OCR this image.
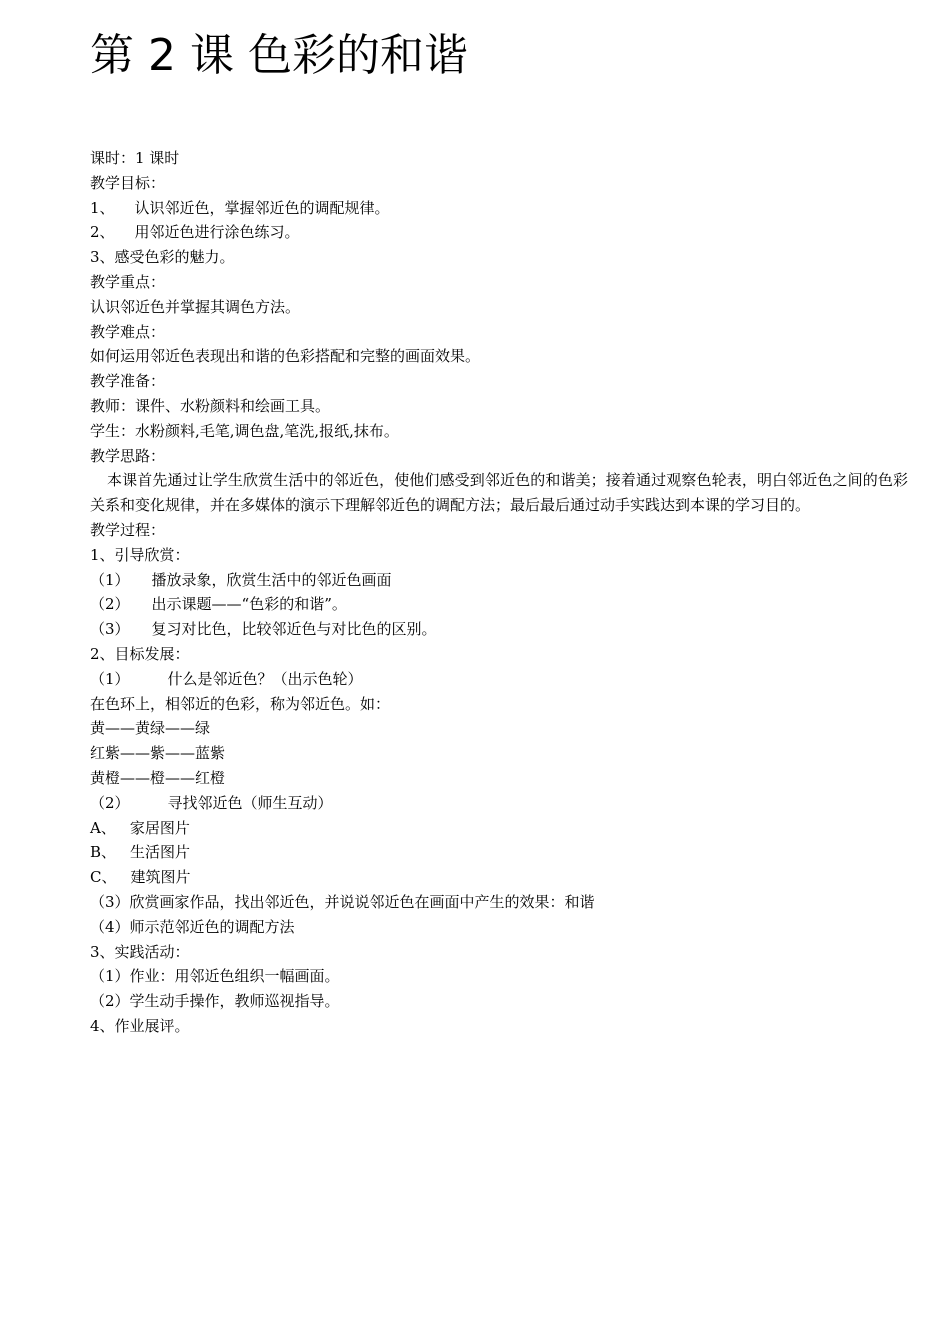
第 2 课 色彩的和谐
课时：1 课时
教学目标：
1、 认识邻近色，掌握邻近色的调配规律。
2、 用邻近色进行涂色练习。
3、感受色彩的魅力。
教学重点：
认识邻近色并掌握其调色方法。
教学难点：
如何运用邻近色表现出和谐的色彩搭配和完整的画面效果。
教学准备：
教师：课件、水粉颜料和绘画工具。
学生：水粉颜料,毛笔,调色盘,笔洗,报纸,抹布。
教学思路：
本课首先通过让学生欣赏生活中的邻近色，使他们感受到邻近色的和谐美；接着通过观察色轮表，明白邻近色之间的色彩关系和变化规律，并在多媒体的演示下理解邻近色的调配方法；最后最后通过动手实践达到本课的学习目的。
教学过程：
1、引导欣赏：
（1） 播放录象，欣赏生活中的邻近色画面
（2） 出示课题——“色彩的和谐”。
（3） 复习对比色，比较邻近色与对比色的区别。
2、目标发展：
（1）	什么是邻近色？（出示色轮）
在色环上，相邻近的色彩，称为邻近色。如：
黄——黄绿——绿
红紫——紫——蓝紫
黄橙——橙——红橙
（2）	寻找邻近色（师生互动）
A、 家居图片
B、 生活图片
C、 建筑图片
（3）欣赏画家作品，找出邻近色，并说说邻近色在画面中产生的效果：和谐
（4）师示范邻近色的调配方法
3、实践活动：
（1）作业：用邻近色组织一幅画面。
（2）学生动手操作，教师巡视指导。
4、作业展评。
